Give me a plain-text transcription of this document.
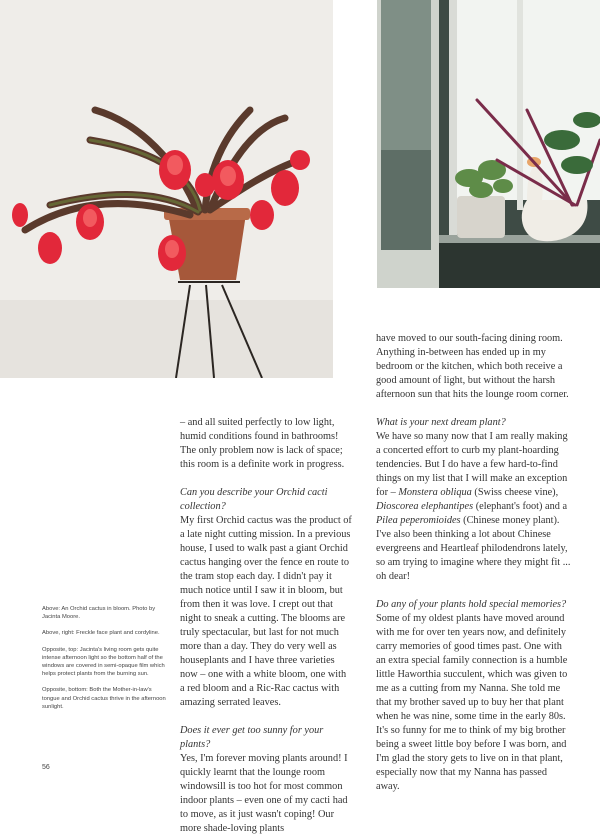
Above: An Orchid cactus in bloom. Photo by Jacinta Moore.

Above, right: Freckle face plant and cordyline.

Opposite, top: Jacinta's living room gets quite intense afternoon light so the bottom half of the windows are covered in semi-opaque film which helps protect plants from the burning sun.

Opposite, bottom: Both the Mother-in-law's tongue and Orchid cactus thrive in the afternoon sunlight.

– and all suited perfectly to low light, humid conditions found in bathrooms! The only problem now is lack of space; this room is a definite work in progress.

Can you describe your Orchid cacti collection?

My first Orchid cactus was the product of a late night cutting mission. In a previous house, I used to walk past a giant Orchid cactus hanging over the fence en route to the tram stop each day. I didn't pay it much notice until I saw it in bloom, but from then it was love. I crept out that night to sneak a cutting. The blooms are truly spectacular, but last for not much more than a day. They do very well as houseplants and I have three varieties now – one with a white bloom, one with a red bloom and a Ric-Rac cactus with amazing serrated leaves.

Does it ever get too sunny for your plants?

Yes, I'm forever moving plants around! I quickly learnt that the lounge room windowsill is too hot for most common indoor plants – even one of my cacti had to move, as it just wasn't coping! Our more shade-loving plants

have moved to our south-facing dining room. Anything in-between has ended up in my bedroom or the kitchen, which both receive a good amount of light, but without the harsh afternoon sun that hits the lounge room corner.

What is your next dream plant?

We have so many now that I am really making a concerted effort to curb my plant-hoarding tendencies. But I do have a few hard-to-find things on my list that I will make an exception for – Monstera obliqua (Swiss cheese vine), Dioscorea elephantipes (elephant's foot) and a Pilea peperomioides (Chinese money plant). I've also been thinking a lot about Chinese evergreens and Heartleaf philodendrons lately, so am trying to imagine where they might fit ... oh dear!

Do any of your plants hold special memories?

Some of my oldest plants have moved around with me for over ten years now, and definitely carry memories of good times past. One with an extra special family connection is a humble little Haworthia succulent, which was given to me as a cutting from my Nanna. She told me that my brother saved up to buy her that plant when he was nine, some time in the early 80s. It's so funny for me to think of my big brother being a sweet little boy before I was born, and I'm glad the story gets to live on in that plant, especially now that my Nanna has passed away.

56
